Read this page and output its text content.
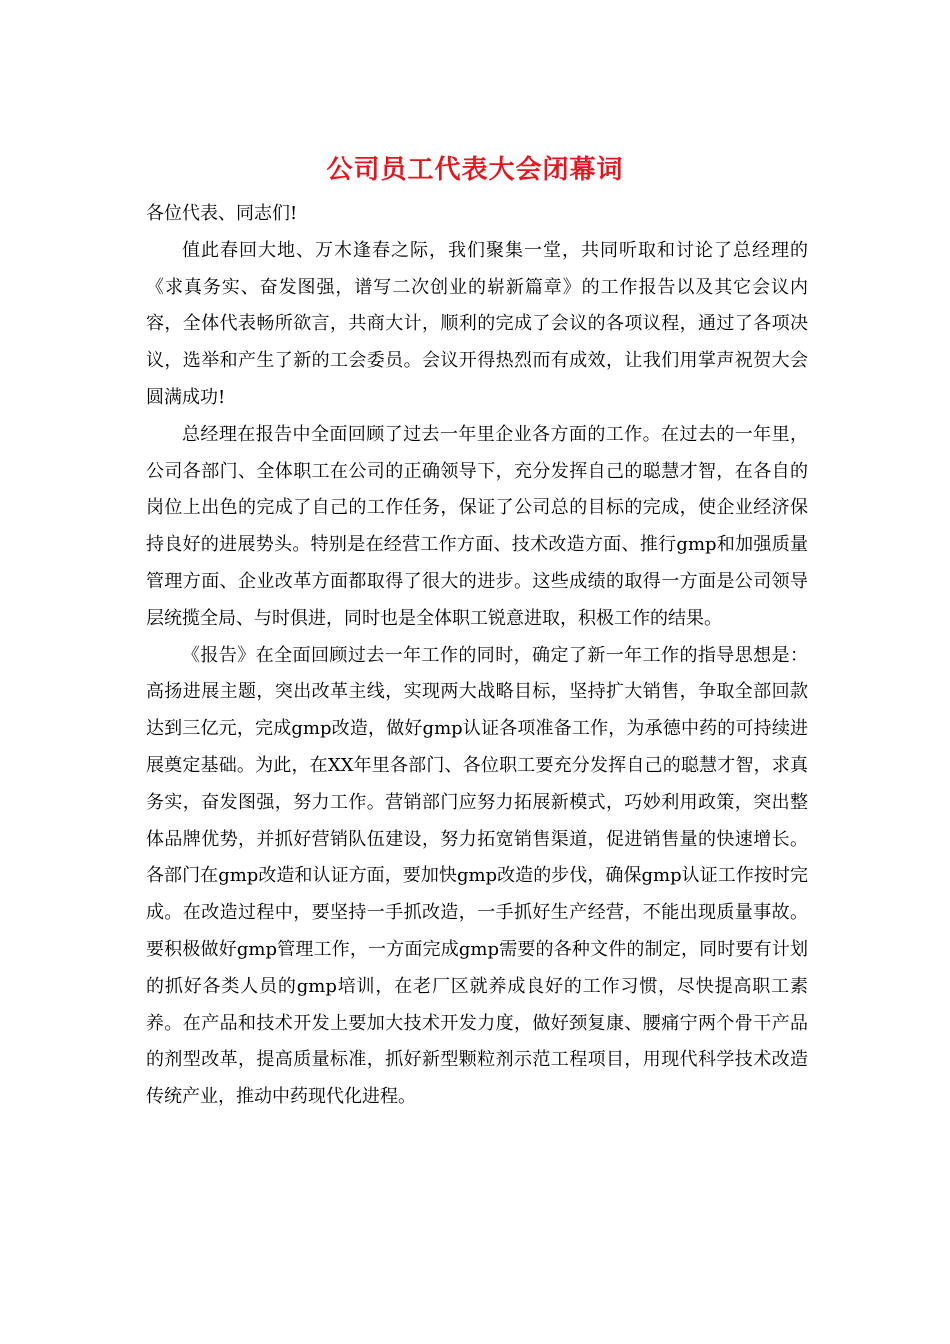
公司员工代表大会闭幕词

各位代表、同志们!

值此春回大地、万木逢春之际，我们聚集一堂，共同听取和讨论了总经理的《求真务实、奋发图强，谱写二次创业的崭新篇章》的工作报告以及其它会议内容，全体代表畅所欲言，共商大计，顺利的完成了会议的各项议程，通过了各项决议，选举和产生了新的工会委员。会议开得热烈而有成效，让我们用掌声祝贺大会圆满成功!

总经理在报告中全面回顾了过去一年里企业各方面的工作。在过去的一年里，公司各部门、全体职工在公司的正确领导下，充分发挥自己的聪慧才智，在各自的岗位上出色的完成了自己的工作任务，保证了公司总的目标的完成，使企业经济保持良好的进展势头。特别是在经营工作方面、技术改造方面、推行gmp和加强质量管理方面、企业改革方面都取得了很大的进步。这些成绩的取得一方面是公司领导层统揽全局、与时俱进，同时也是全体职工锐意进取，积极工作的结果。

《报告》在全面回顾过去一年工作的同时，确定了新一年工作的指导思想是：高扬进展主题，突出改革主线，实现两大战略目标，坚持扩大销售，争取全部回款达到三亿元，完成gmp改造，做好gmp认证各项准备工作，为承德中药的可持续进展奠定基础。为此，在XX年里各部门、各位职工要充分发挥自己的聪慧才智，求真务实，奋发图强，努力工作。营销部门应努力拓展新模式，巧妙利用政策，突出整体品牌优势，并抓好营销队伍建设，努力拓宽销售渠道，促进销售量的快速增长。各部门在gmp改造和认证方面，要加快gmp改造的步伐，确保gmp认证工作按时完成。在改造过程中，要坚持一手抓改造，一手抓好生产经营，不能出现质量事故。要积极做好gmp管理工作，一方面完成gmp需要的各种文件的制定，同时要有计划的抓好各类人员的gmp培训，在老厂区就养成良好的工作习惯，尽快提高职工素养。在产品和技术开发上要加大技术开发力度，做好颈复康、腰痛宁两个骨干产品的剂型改革，提高质量标准，抓好新型颗粒剂示范工程项目，用现代科学技术改造传统产业，推动中药现代化进程。
